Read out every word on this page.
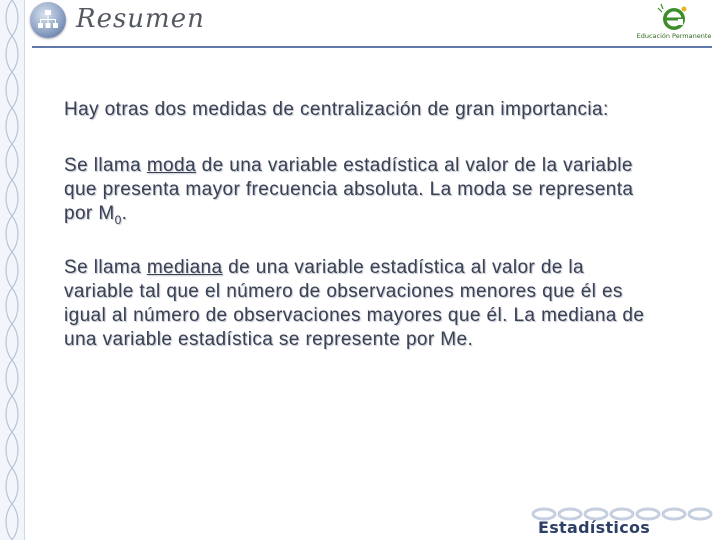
Resumen
Educación Permanente

Hay otras dos medidas de centralización de gran importancia:

Se llama moda de una variable estadística al valor de la variable que presenta mayor frecuencia absoluta. La moda se representa por $M_0$.

Se llama mediana de una variable estadística al valor de la variable tal que el número de observaciones menores que él es igual al número de observaciones mayores que él. La mediana de una variable estadística se represente por Me.

Estadísticos
